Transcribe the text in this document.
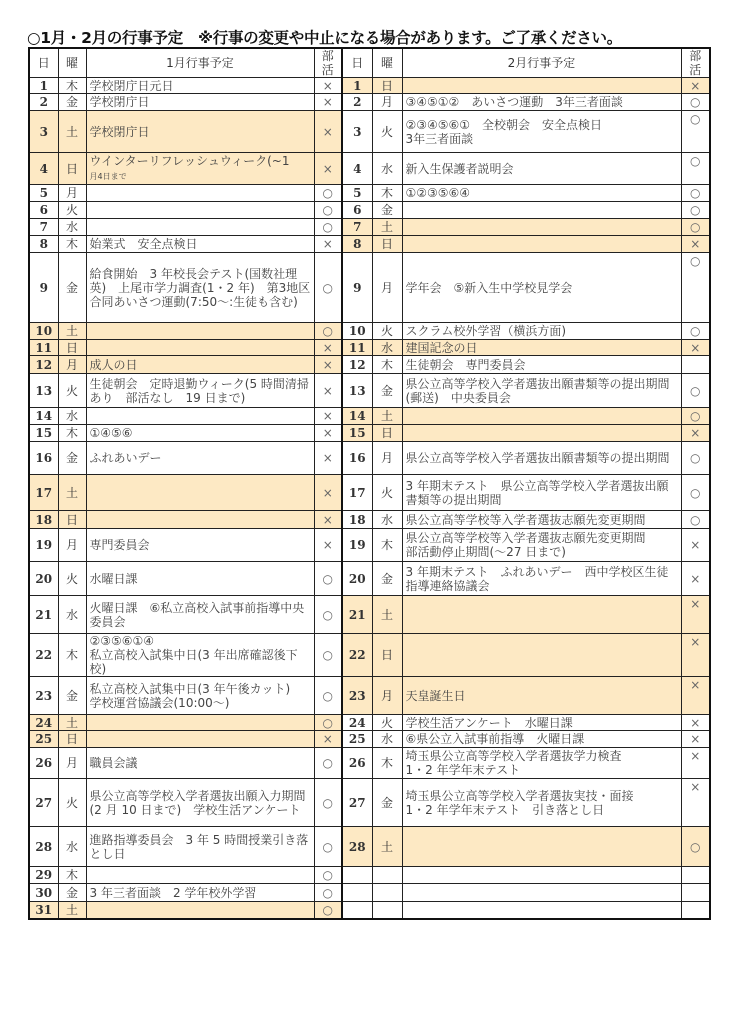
○1月・2月の行事予定　※行事の変更や中止になる場合があります。ご了承ください。
日	曜	1月行事予定	部活	日	曜	2月行事予定	部活
1	木	学校閉庁日元日	×	1	日		×
2	金	学校閉庁日	×	2	月	③④⑤①②　あいさつ運動　3年三者面談	○
3	土	学校閉庁日	×	3	火	②③④⑤⑥①　全校朝会　安全点検日
3年三者面談	○
4	日	ウインターリフレッシュウィーク(~1
月4日まで	×	4	水	新入生保護者説明会	○
5	月		○	5	木	①②③⑤⑥④	○
6	火		○	6	金		○
7	水		○	7	土		○
8	木	始業式　安全点検日	×	8	日		×
9	金	給食開始　3 年校長会テスト(国数社理英)　上尾市学力調査(1・2 年)　第3地区合同あいさつ運動(7:50～:生徒も含む)	○	9	月	学年会　⑤新入生中学校見学会	○
10	土		○	10	火	スクラム校外学習（横浜方面)	○
11	日		×	11	水	建国記念の日	×
12	月	成人の日	×	12	木	生徒朝会　専門委員会	
13	火	生徒朝会　定時退勤ウィーク(5 時間清掃あり　部活なし　19 日まで)	×	13	金	県公立高等学校入学者選抜出願書類等の提出期間(郵送)　中央委員会	○
14	水		×	14	土		○
15	木	①④⑤⑥	×	15	日		×
16	金	ふれあいデー	×	16	月	県公立高等学校入学者選抜出願書類等の提出期間	○
17	土		×	17	火	3 年期末テスト　県公立高等学校入学者選抜出願書類等の提出期間	○
18	日		×	18	水	県公立高等学校等入学者選抜志願先変更期間	○
19	月	専門委員会	×	19	木	県公立高等学校等入学者選抜志願先変更期間
部活動停止期間(～27 日まで)	×
20	火	水曜日課	○	20	金	3 年期末テスト　ふれあいデー　西中学校区生徒指導連絡協議会	×
21	水	火曜日課　⑥私立高校入試事前指導中央委員会	○	21	土		×
22	木	②③⑤⑥①④
私立高校入試集中日(3 年出席確認後下校)	○	22	日		×
23	金	私立高校入試集中日(3 年午後カット)　学校運営協議会(10:00～)	○	23	月	天皇誕生日	×
24	土		○	24	火	学校生活アンケート　水曜日課	×
25	日		×	25	水	⑥県公立入試事前指導　火曜日課	×
26	月	職員会議	○	26	木	埼玉県公立高等学校入学者選抜学力検査
1・2 年学年末テスト	×
27	火	県公立高等学校入学者選抜出願入力期間(2 月 10 日まで)　学校生活アンケート	○	27	金	埼玉県公立高等学校入学者選抜実技・面接
1・2 年学年末テスト　引き落とし日	×
28	水	進路指導委員会　3 年 5 時間授業引き落とし日	○	28	土		○
29	木		○				
30	金	3 年三者面談　2 学年校外学習	○				
31	土		○				
